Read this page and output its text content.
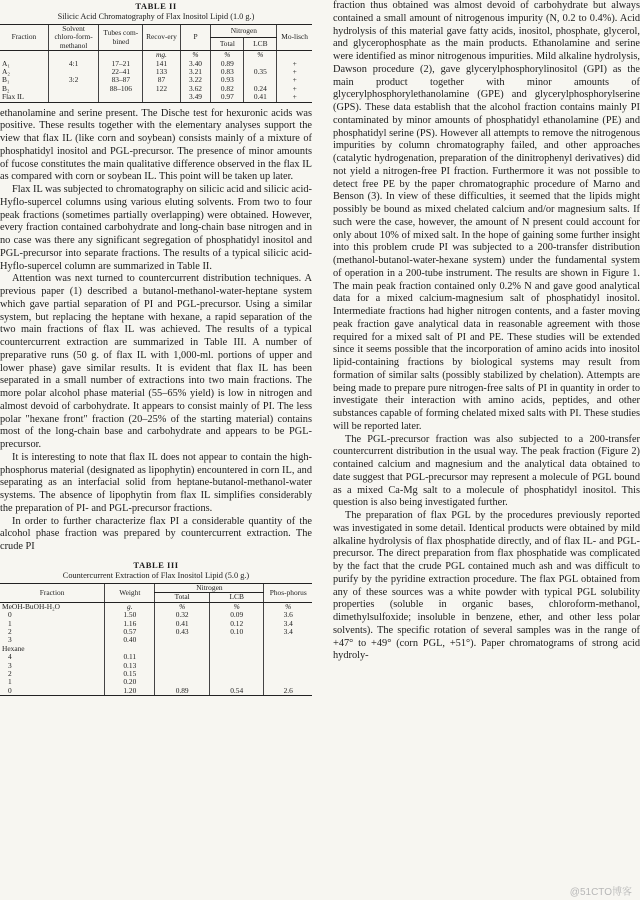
TABLE II
Silicic Acid Chromatography of Flax Inositol Lipid (1.0 g.)
Fraction	Solvent chloro-form-methanol	Tubes com-bined	Recov-ery	P	Nitrogen		Mo-lisch
					Total	LCB	
			mg.	%	%	%	
A₁	4:1	17–21	141	3.40	0.89		+
A₂		22–41	133	3.21	0.83	0.35	+
B₁	3:2	83–87	87	3.22	0.93		+
B₂		88–106	122	3.62	0.82	0.24	+
Flax IL				3.49	0.97	0.41	+

ethanolamine and serine present. The Dische test for hexuronic acids was positive. These results together with the elementary analyses support the view that flax IL (like corn and soybean) consists mainly of a mixture of phosphatidyl inositol and PGL-precursor. The presence of minor amounts of fucose constitutes the main qualitative difference observed in the flax IL as compared with corn or soybean IL. This point will be taken up later.

Flax IL was subjected to chromatography on silicic acid and silicic acid-Hyflo-supercel columns using various eluting solvents. From two to four peak fractions (sometimes partially overlapping) were obtained. However, every fraction contained carbohydrate and long-chain base nitrogen and in no case was there any significant segregation of phosphatidyl inositol and PGL-precursor into separate fractions. The results of a typical silicic acid-Hyflo-supercel column are summarized in Table II.

Attention was next turned to countercurrent distribution techniques. A previous paper (1) described a butanol-methanol-water-heptane system which gave partial separation of PI and PGL-precursor. Using a similar system, but replacing the heptane with hexane, a rapid separation of the two main fractions of flax IL was achieved. The results of a typical countercurrent extraction are summarized in Table III. A number of preparative runs (50 g. of flax IL with 1,000-ml. portions of upper and lower phase) gave similar results. It is evident that flax IL has been separated in a small number of extractions into two main fractions. The more polar alcohol phase material (55–65% yield) is low in nitrogen and almost devoid of carbohydrate. It appears to consist mainly of PI. The less polar "hexane front" fraction (20–25% of the starting material) contains most of the long-chain base and carbohydrate and appears to be PGL-precursor.

It is interesting to note that flax IL does not appear to contain the high-phosphorus material (designated as lipophytin) encountered in corn IL, and separating as an interfacial solid from heptane-butanol-methanol-water systems. The absence of lipophytin from flax IL simplifies considerably the preparation of PI- and PGL-precursor fractions.

In order to further characterize flax PI a considerable quantity of the alcohol phase fraction was prepared by countercurrent extraction. The crude PI

TABLE III
Countercurrent Extraction of Flax Inositol Lipid (5.0 g.)
Fraction	Weight	Nitrogen		Phos-phorus
		Total	LCB	
MeOH-BuOH-H₂O	g.	%	%	%
0	1.50	0.32	0.09	3.6
1	1.16	0.41	0.12	3.4
2	0.57	0.43	0.10	3.4
3	0.40			
Hexane				
4	0.11			
3	0.13			
2	0.15			
1	0.20			
0	1.20	0.89	0.54	2.6

fraction thus obtained was almost devoid of carbohydrate but always contained a small amount of nitrogenous impurity (N, 0.2 to 0.4%). Acid hydrolysis of this material gave fatty acids, inositol, phosphate, glycerol, and glycerophosphate as the main products. Ethanolamine and serine were identified as minor nitrogenous impurities. Mild alkaline hydrolysis, Dawson procedure (2), gave glycerylphosphorylinositol (GPI) as the main product together with minor amounts of glycerylphosphorylethanolamine (GPE) and glycerylphosphorylserine (GPS). These data establish that the alcohol fraction contains mainly PI contaminated by minor amounts of phosphatidyl ethanolamine (PE) and phosphatidyl serine (PS). However all attempts to remove the nitrogenous impurities by column chromatography failed, and other approaches (catalytic hydrogenation, preparation of the dinitrophenyl derivatives) did not yield a nitrogen-free PI fraction. Furthermore it was not possible to detect free PE by the paper chromatographic procedure of Marno and Benson (3). In view of these difficulties, it seemed that the lipids might possibly be bound as mixed chelated calcium and/or magnesium salts. If such were the case, however, the amount of N present could account for only about 10% of mixed salt. In the hope of gaining some further insight into this problem crude PI was subjected to a 200-transfer distribution (methanol-butanol-water-hexane system) under the fundamental system of operation in a 200-tube instrument. The results are shown in Figure 1. The main peak fraction contained only 0.2% N and gave good analytical data for a mixed calcium-magnesium salt of phosphatidyl inositol. Intermediate fractions had higher nitrogen contents, and a faster moving peak fraction gave analytical data in reasonable agreement with those required for a mixed salt of PI and PE. These studies will be extended since it seems possible that the incorporation of amino acids into inositol lipid-containing fractions by biological systems may result from formation of similar salts (possibly stabilized by chelation). Attempts are being made to prepare pure nitrogen-free salts of PI in quantity in order to investigate their interaction with amino acids, peptides, and other substances capable of forming chelated mixed salts with PI. These studies will be reported later.

The PGL-precursor fraction was also subjected to a 200-transfer countercurrent distribution in the usual way. The peak fraction (Figure 2) contained calcium and magnesium and the analytical data obtained to date suggest that PGL-precursor may represent a molecule of PGL bound as a mixed Ca-Mg salt to a molecule of phosphatidyl inositol. This question is also being investigated further.

The preparation of flax PGL by the procedures previously reported was investigated in some detail. Identical products were obtained by mild alkaline hydrolysis of flax phosphatide directly, and of flax IL- and PGL-precursor. The direct preparation from flax phosphatide was complicated by the fact that the crude PGL contained much ash and was difficult to purify by the pyridine extraction procedure. The flax PGL obtained from any of these sources was a white powder with typical PGL solubility properties (soluble in organic bases, chloroform-methanol, dimethylsulfoxide; insoluble in benzene, ether, and other less polar solvents). The specific rotation of several samples was in the range of +47° to +49° (corn PGL, +51°). Paper chromatograms of strong acid hydroly-

@51CTO博客
